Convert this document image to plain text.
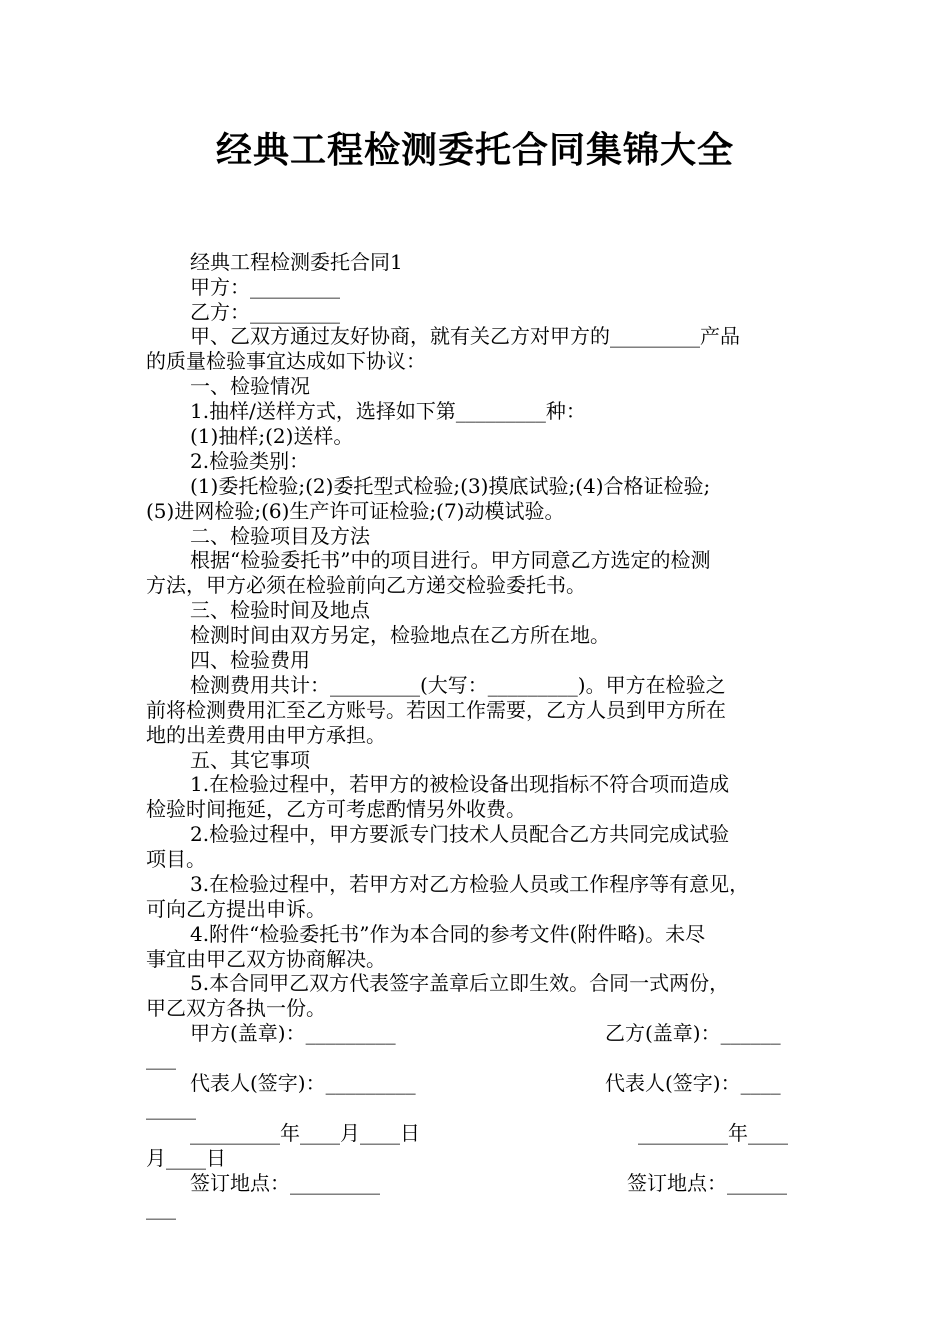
经典工程检测委托合同集锦大全
经典工程检测委托合同1
甲方：_________
乙方：_________
甲、乙双方通过友好协商，就有关乙方对甲方的_________产品
的质量检验事宜达成如下协议：
一、检验情况
1.抽样/送样方式，选择如下第_________种：
(1)抽样;(2)送样。
2.检验类别：
(1)委托检验;(2)委托型式检验;(3)摸底试验;(4)合格证检验;
(5)进网检验;(6)生产许可证检验;(7)动模试验。
二、检验项目及方法
根据“检验委托书”中的项目进行。甲方同意乙方选定的检测
方法，甲方必须在检验前向乙方递交检验委托书。
三、检验时间及地点
检测时间由双方另定，检验地点在乙方所在地。
四、检验费用
检测费用共计：_________(大写：_________)。甲方在检验之
前将检测费用汇至乙方账号。若因工作需要，乙方人员到甲方所在
地的出差费用由甲方承担。
五、其它事项
1.在检验过程中，若甲方的被检设备出现指标不符合项而造成
检验时间拖延，乙方可考虑酌情另外收费。
2.检验过程中，甲方要派专门技术人员配合乙方共同完成试验
项目。
3.在检验过程中，若甲方对乙方检验人员或工作程序等有意见，
可向乙方提出申诉。
4.附件“检验委托书”作为本合同的参考文件(附件略)。未尽
事宜由甲乙双方协商解决。
5.本合同甲乙双方代表签字盖章后立即生效。合同一式两份，
甲乙双方各执一份。
甲方(盖章)：_________	乙方(盖章)：______
___
代表人(签字)：_________	代表人(签字)：____
_____
_________年____月____日	_________年____
月____日
签订地点：_________	签订地点：______
___
